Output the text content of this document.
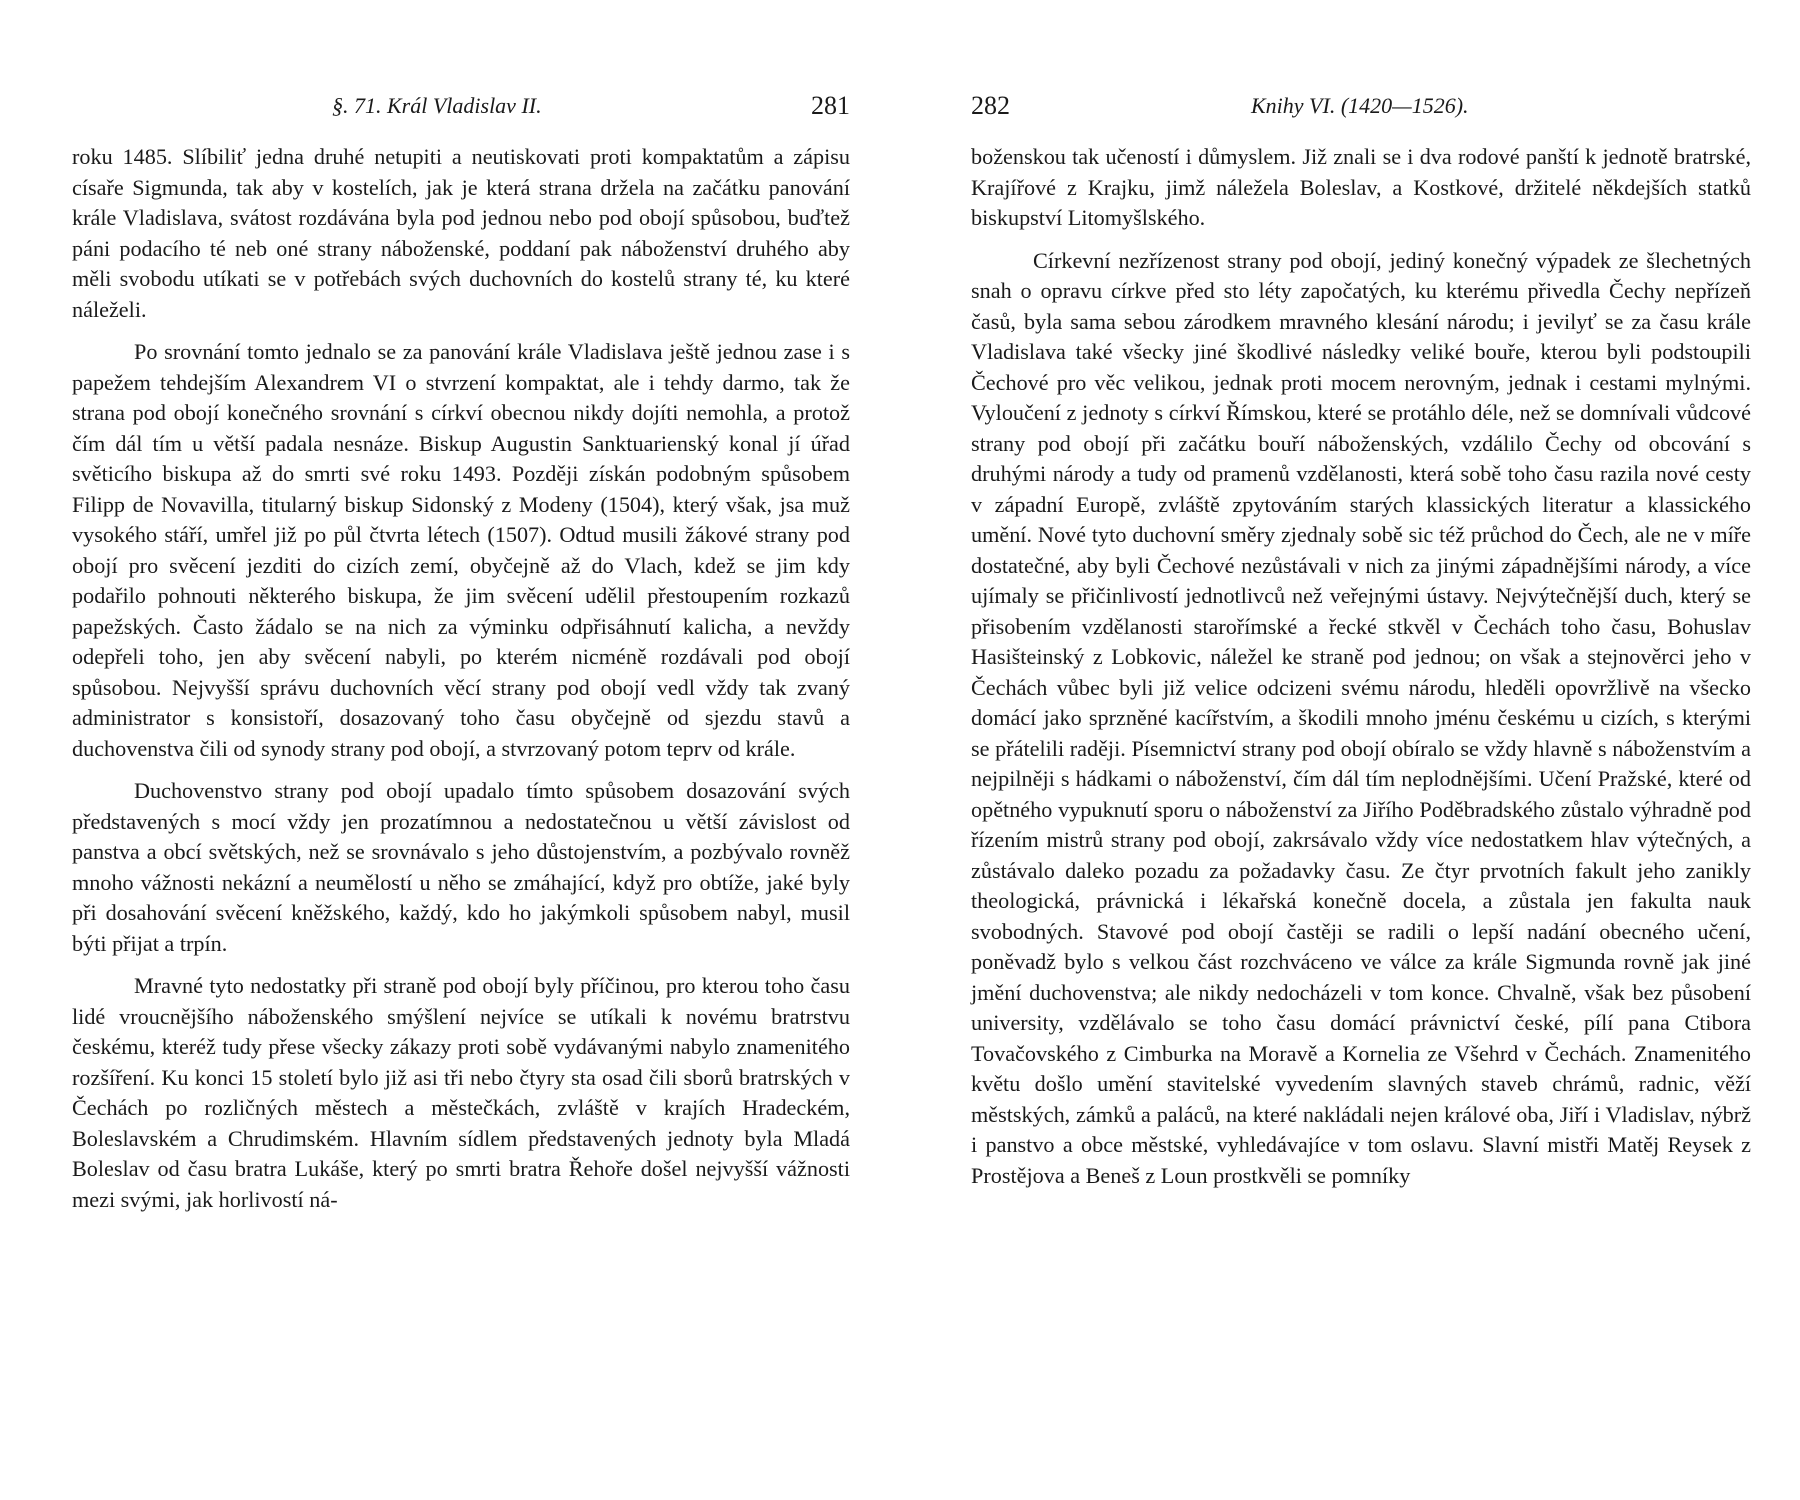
§. 71. Král Vladislav II.	281

roku 1485. Slíbiliť jedna druhé netupiti a neutiskovati proti kompaktatům a zápisu císaře Sigmunda, tak aby v kostelích, jak je která strana držela na začátku panování krále Vladislava, svátost rozdávána byla pod jednou nebo pod obojí spůsobou, buďtež páni podacího té neb oné strany náboženské, poddaní pak náboženství druhého aby měli svobodu utíkati se v potřebách svých duchovních do kostelů strany té, ku které náleželi.

Po srovnání tomto jednalo se za panování krále Vladislava ještě jednou zase i s papežem tehdejším Alexandrem VI o stvrzení kompaktat, ale i tehdy darmo, tak že strana pod obojí konečného srovnání s církví obecnou nikdy dojíti nemohla, a protož čím dál tím u větší padala nesnáze. Biskup Augustin Sanktuarienský konal jí úřad světicího biskupa až do smrti své roku 1493. Později získán podobným spůsobem Filipp de Novavilla, titularný biskup Sidonský z Modeny (1504), který však, jsa muž vysokého stáří, umřel již po půl čtvrta létech (1507). Odtud musili žákové strany pod obojí pro svěcení jezditi do cizích zemí, obyčejně až do Vlach, kdež se jim kdy podařilo pohnouti některého biskupa, že jim svěcení udělil přestoupením rozkazů papežských. Často žádalo se na nich za výminku odpřisáhnutí kalicha, a nevždy odepřeli toho, jen aby svěcení nabyli, po kterém nicméně rozdávali pod obojí spůsobou. Nejvyšší správu duchovních věcí strany pod obojí vedl vždy tak zvaný administrator s konsistoří, dosazovaný toho času obyčejně od sjezdu stavů a duchovenstva čili od synody strany pod obojí, a stvrzovaný potom teprv od krále.

Duchovenstvo strany pod obojí upadalo tímto spůsobem dosazování svých představených s mocí vždy jen prozatímnou a nedostatečnou u větší závislost od panstva a obcí světských, než se srovnávalo s jeho důstojenstvím, a pozbývalo rovněž mnoho vážnosti nekázní a neumělostí u něho se zmáhající, když pro obtíže, jaké byly při dosahování svěcení kněžského, každý, kdo ho jakýmkoli spůsobem nabyl, musil býti přijat a trpín.

Mravné tyto nedostatky při straně pod obojí byly příčinou, pro kterou toho času lidé vroucnějšího náboženského smýšlení nejvíce se utíkali k novému bratrstvu českému, kteréž tudy přese všecky zákazy proti sobě vydávanými nabylo znamenitého rozšíření. Ku konci 15 století bylo již asi tři nebo čtyry sta osad čili sborů bratrských v Čechách po rozličných městech a městečkách, zvláště v krajích Hradeckém, Boleslavském a Chrudimském. Hlavním sídlem představených jednoty byla Mladá Boleslav od času bratra Lukáše, který po smrti bratra Řehoře došel nejvyšší vážnosti mezi svými, jak horlivostí ná-

282	Knihy VI. (1420—1526).

boženskou tak učeností i důmyslem. Již znali se i dva rodové panští k jednotě bratrské, Krajířové z Krajku, jimž náležela Boleslav, a Kostkové, držitelé někdejších statků biskupství Litomyšlského.

Církevní nezřízenost strany pod obojí, jediný konečný výpadek ze šlechetných snah o opravu církve před sto léty započatých, ku kterému přivedla Čechy nepřízeň časů, byla sama sebou zárodkem mravného klesání národu; i jevilyť se za času krále Vladislava také všecky jiné škodlivé následky veliké bouře, kterou byli podstoupili Čechové pro věc velikou, jednak proti mocem nerovným, jednak i cestami mylnými. Vyloučení z jednoty s církví Římskou, které se protáhlo déle, než se domnívali vůdcové strany pod obojí při začátku bouří náboženských, vzdálilo Čechy od obcování s druhými národy a tudy od pramenů vzdělanosti, která sobě toho času razila nové cesty v západní Europě, zvláště zpytováním starých klassických literatur a klassického umění. Nové tyto duchovní směry zjednaly sobě sic též průchod do Čech, ale ne v míře dostatečné, aby byli Čechové nezůstávali v nich za jinými západnějšími národy, a více ujímaly se přičinlivostí jednotlivců než veřejnými ústavy. Nejvýtečnější duch, který se přisobením vzdělanosti starořímské a řecké stkvěl v Čechách toho času, Bohuslav Hasišteinský z Lobkovic, náležel ke straně pod jednou; on však a stejnověrci jeho v Čechách vůbec byli již velice odcizeni svému národu, hleděli opovržlivě na všecko domácí jako sprzněné kacířstvím, a škodili mnoho jménu českému u cizích, s kterými se přátelili raději. Písemnictví strany pod obojí obíralo se vždy hlavně s náboženstvím a nejpilněji s hádkami o náboženství, čím dál tím neplodnějšími. Učení Pražské, které od opětného vypuknutí sporu o náboženství za Jiřího Poděbradského zůstalo výhradně pod řízením mistrů strany pod obojí, zakrsávalo vždy více nedostatkem hlav výtečných, a zůstávalo daleko pozadu za požadavky času. Ze čtyr prvotních fakult jeho zanikly theologická, právnická i lékařská konečně docela, a zůstala jen fakulta nauk svobodných. Stavové pod obojí častěji se radili o lepší nadání obecného učení, poněvadž bylo s velkou část rozchváceno ve válce za krále Sigmunda rovně jak jiné jmění duchovenstva; ale nikdy nedocházeli v tom konce. Chvalně, však bez působení university, vzdělávalo se toho času domácí právnictví české, pílí pana Ctibora Tovačovského z Cimburka na Moravě a Kornelia ze Všehrd v Čechách. Znamenitého květu došlo umění stavitelské vyvedením slavných staveb chrámů, radnic, věží městských, zámků a paláců, na které nakládali nejen králové oba, Jiří i Vladislav, nýbrž i panstvo a obce městské, vyhledávajíce v tom oslavu. Slavní mistři Matěj Reysek z Prostějova a Beneš z Loun prostkvěli se pomníky
